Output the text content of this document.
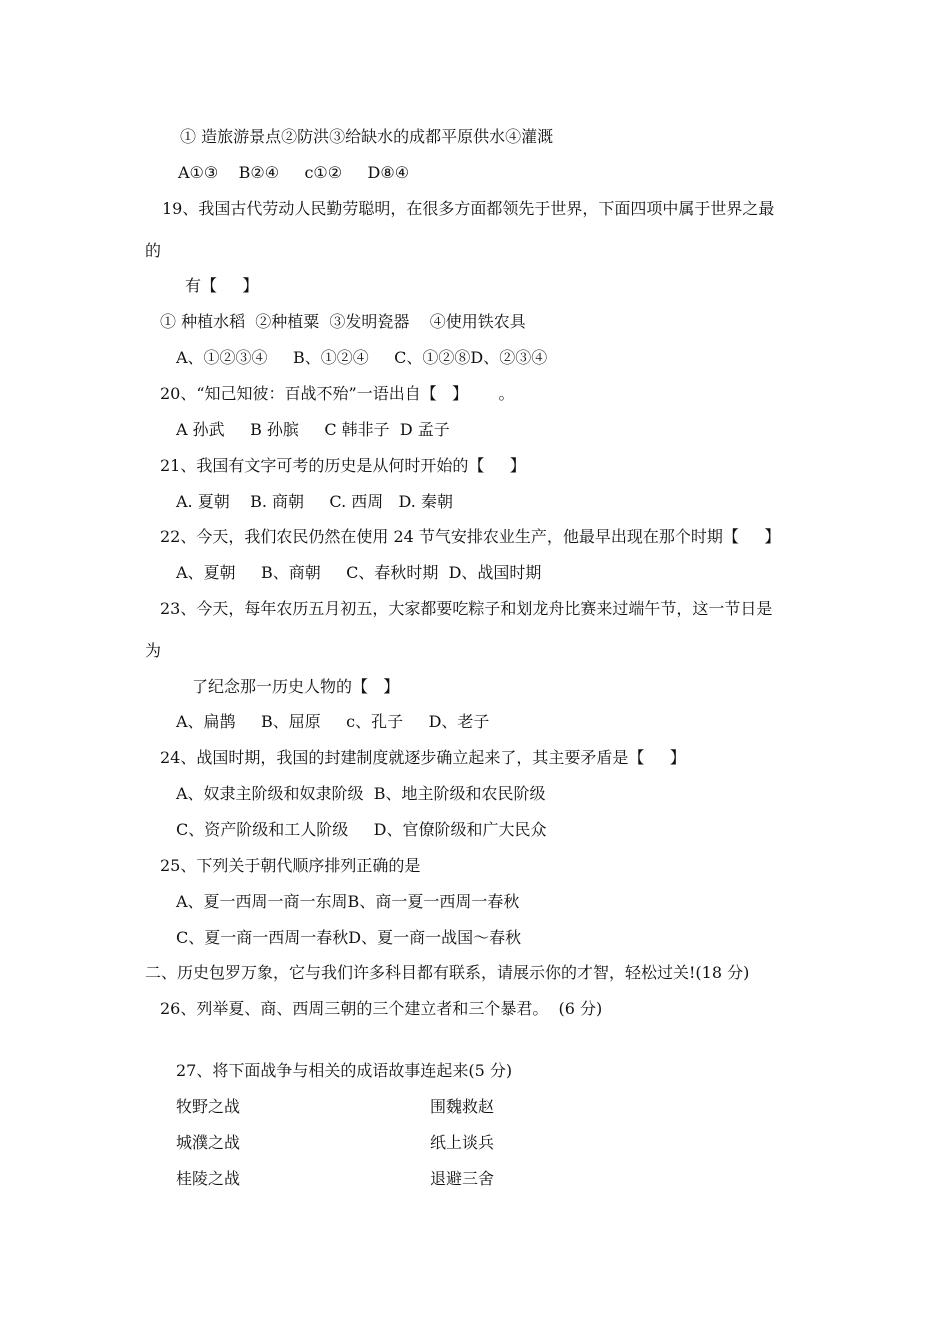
① 造旅游景点②防洪③给缺水的成都平原供水④灌溉
A①③    B②④     c①②     D⑧④
19、我国古代劳动人民勤劳聪明，在很多方面都领先于世界，下面四项中属于世界之最
的
有【     】
① 种植水稻  ②种植粟  ③发明瓷器    ④使用铁农具
A、①②③④     B、①②④     C、①②⑧D、②③④
20、“知己知彼：百战不殆”一语出自【   】      。
A 孙武     B 孙膑     C 韩非子  D 孟子
21、我国有文字可考的历史是从何时开始的【     】
A. 夏朝    B. 商朝     C. 西周   D. 秦朝
22、今天，我们农民仍然在使用 24 节气安排农业生产，他最早出现在那个时期【     】
A、夏朝     B、商朝     C、春秋时期  D、战国时期
23、今天，每年农历五月初五，大家都要吃粽子和划龙舟比赛来过端午节，这一节日是
为
了纪念那一历史人物的【   】
A、扁鹊     B、屈原     c、孔子     D、老子
24、战国时期，我国的封建制度就逐步确立起来了，其主要矛盾是【     】
A、奴隶主阶级和奴隶阶级  B、地主阶级和农民阶级
C、资产阶级和工人阶级     D、官僚阶级和广大民众
25、下列关于朝代顺序排列正确的是
A、夏一西周一商一东周B、商一夏一西周一春秋
C、夏一商一西周一春秋D、夏一商一战国～春秋
二、历史包罗万象，它与我们许多科目都有联系，请展示你的才智，轻松过关!(18 分)
26、列举夏、商、西周三朝的三个建立者和三个暴君。  (6 分)
27、将下面战争与相关的成语故事连起来(5 分)
牧野之战
城濮之战
桂陵之战
围魏救赵
纸上谈兵
退避三舍
